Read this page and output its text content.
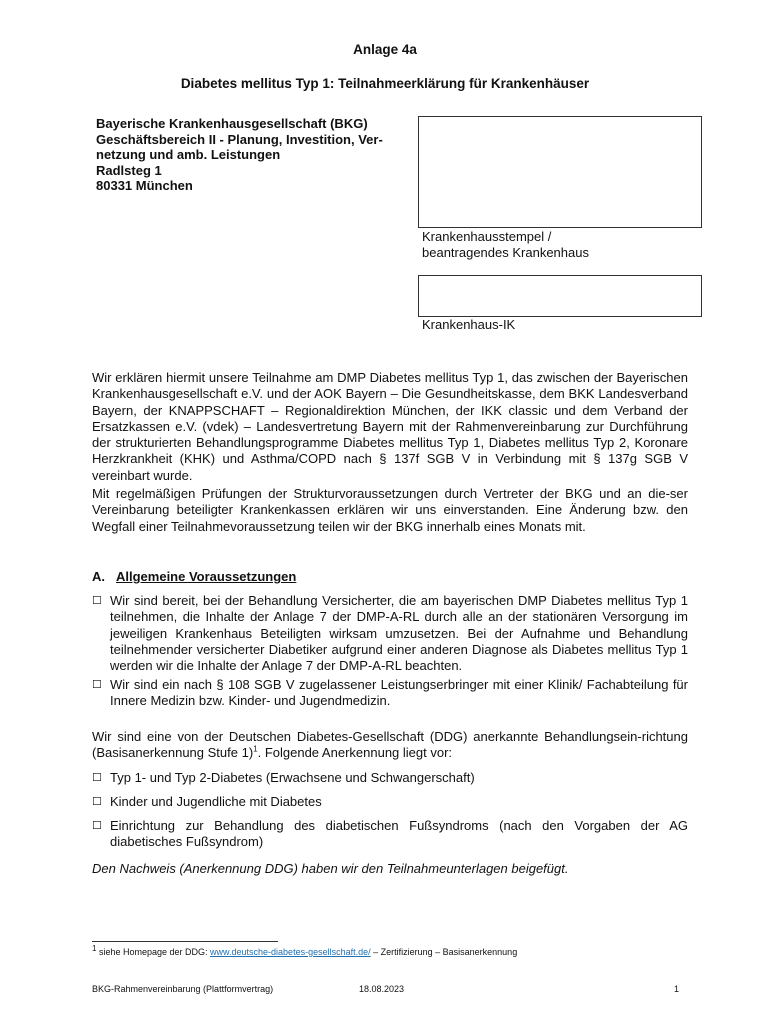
Anlage 4a
Diabetes mellitus Typ 1: Teilnahmeerklärung für Krankenhäuser
Bayerische Krankenhausgesellschaft (BKG)
Geschäftsbereich II - Planung, Investition, Ver-
netzung und amb. Leistungen
Radlsteg 1
80331 München
Krankenhausstempel /
beantragendes Krankenhaus
Krankenhaus-IK
Wir erklären hiermit unsere Teilnahme am DMP Diabetes mellitus Typ 1, das zwischen der Bayerischen Krankenhausgesellschaft e.V. und der AOK Bayern – Die Gesundheitskasse, dem BKK Landesverband Bayern, der KNAPPSCHAFT – Regionaldirektion München, der IKK classic und dem Verband der Ersatzkassen e.V. (vdek) – Landesvertretung Bayern mit der Rahmenvereinbarung zur Durchführung der strukturierten Behandlungsprogramme Diabetes mellitus Typ 1, Diabetes mellitus Typ 2, Koronare Herzkrankheit (KHK) und Asthma/COPD nach § 137f SGB V in Verbindung mit § 137g SGB V vereinbart wurde.
Mit regelmäßigen Prüfungen der Strukturvoraussetzungen durch Vertreter der BKG und an die-ser Vereinbarung beteiligter Krankenkassen erklären wir uns einverstanden. Eine Änderung bzw. den Wegfall einer Teilnahmevoraussetzung teilen wir der BKG innerhalb eines Monats mit.
A. Allgemeine Voraussetzungen
☐ Wir sind bereit, bei der Behandlung Versicherter, die am bayerischen DMP Diabetes mellitus Typ 1 teilnehmen, die Inhalte der Anlage 7 der DMP-A-RL durch alle an der stationären Versorgung im jeweiligen Krankenhaus Beteiligten wirksam umzusetzen. Bei der Aufnahme und Behandlung teilnehmender versicherter Diabetiker aufgrund einer anderen Diagnose als Diabetes mellitus Typ 1 werden wir die Inhalte der Anlage 7 der DMP-A-RL beachten.
☐ Wir sind ein nach § 108 SGB V zugelassener Leistungserbringer mit einer Klinik/ Fachabteilung für Innere Medizin bzw. Kinder- und Jugendmedizin.
Wir sind eine von der Deutschen Diabetes-Gesellschaft (DDG) anerkannte Behandlungsein-richtung (Basisanerkennung Stufe 1)$^1$. Folgende Anerkennung liegt vor:
☐ Typ 1- und Typ 2-Diabetes (Erwachsene und Schwangerschaft)
☐ Kinder und Jugendliche mit Diabetes
☐ Einrichtung zur Behandlung des diabetischen Fußsyndroms (nach den Vorgaben der AG diabetisches Fußsyndrom)
Den Nachweis (Anerkennung DDG) haben wir den Teilnahmeunterlagen beigefügt.
$^1$ siehe Homepage der DDG: www.deutsche-diabetes-gesellschaft.de/ – Zertifizierung – Basisanerkennung
BKG-Rahmenvereinbarung (Plattformvertrag)	18.08.2023	1
